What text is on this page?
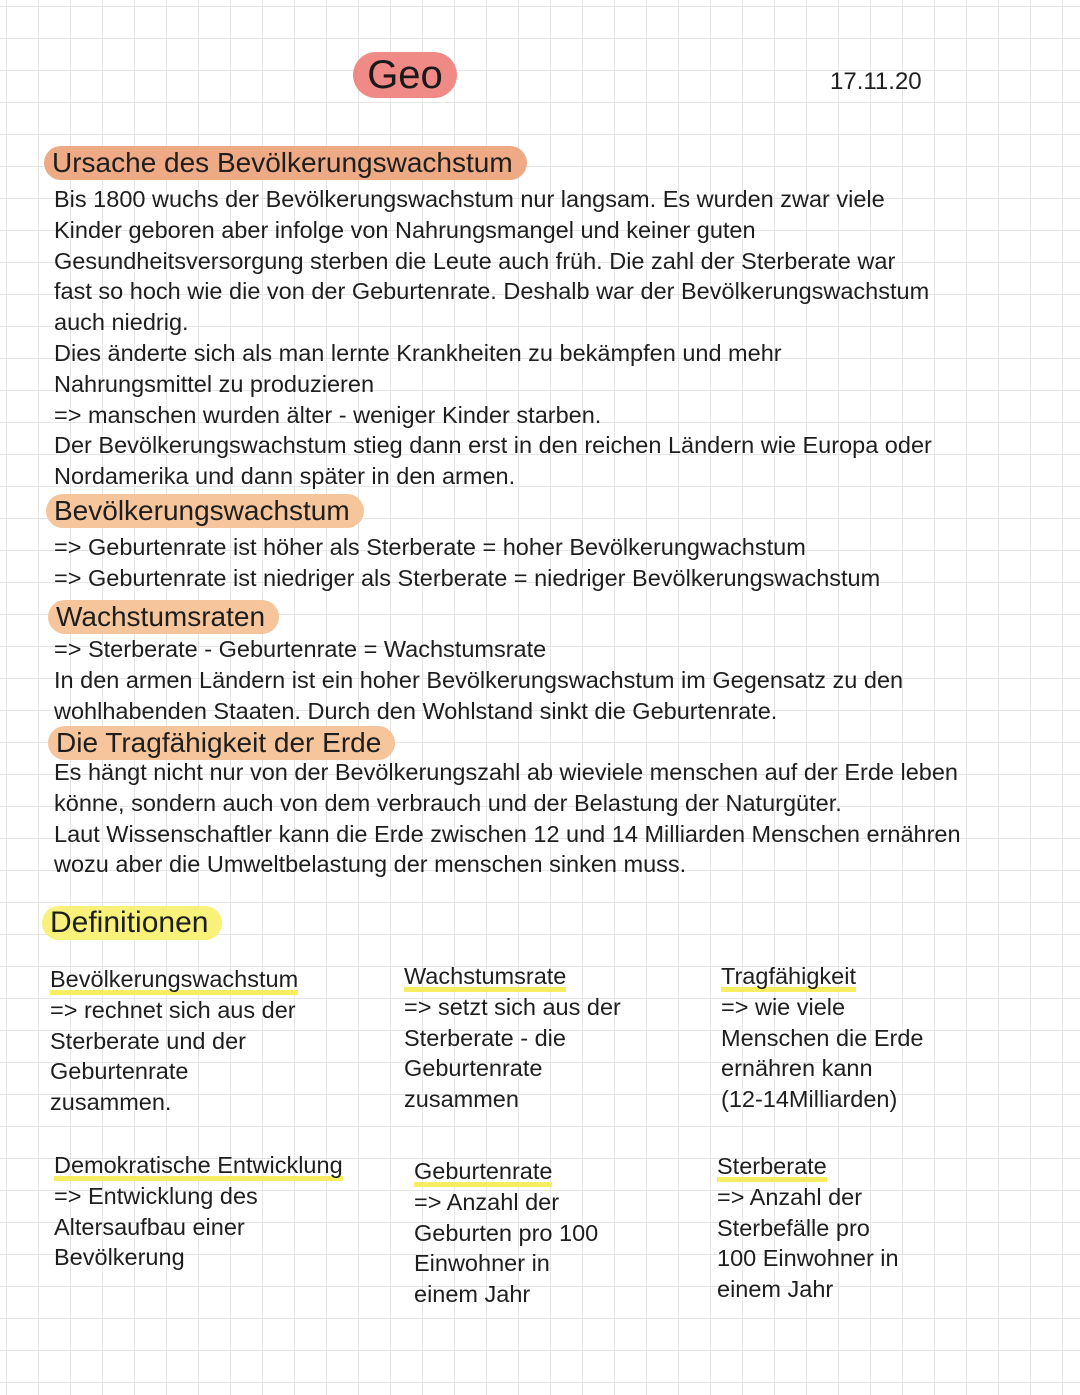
Geo	17.11.20
Ursache des Bevölkerungswachstum
Bis 1800 wuchs der Bevölkerungswachstum nur langsam. Es wurden zwar viele
Kinder geboren aber infolge von Nahrungsmangel und keiner guten
Gesundheitsversorgung sterben die Leute auch früh. Die zahl der Sterberate war
fast so hoch wie die von der Geburtenrate. Deshalb war der Bevölkerungswachstum
auch niedrig.
Dies änderte sich als man lernte Krankheiten zu bekämpfen und mehr
Nahrungsmittel zu produzieren
=> manschen wurden älter - weniger Kinder starben.
Der Bevölkerungswachstum stieg dann erst in den reichen Ländern wie Europa oder
Nordamerika und dann später in den armen.
Bevölkerungswachstum
=> Geburtenrate ist höher als Sterberate = hoher Bevölkerungwachstum
=> Geburtenrate ist niedriger als Sterberate = niedriger Bevölkerungswachstum
Wachstumsraten
=> Sterberate - Geburtenrate = Wachstumsrate
In den armen Ländern ist ein hoher Bevölkerungswachstum im Gegensatz zu den
wohlhabenden Staaten. Durch den Wohlstand sinkt die Geburtenrate.
Die Tragfähigkeit der Erde
Es hängt nicht nur von der Bevölkerungszahl ab wieviele menschen auf der Erde leben
könne, sondern auch von dem verbrauch und der Belastung der Naturgüter.
Laut Wissenschaftler kann die Erde zwischen 12 und 14 Milliarden Menschen ernähren
wozu aber die Umweltbelastung der menschen sinken muss.
Definitionen
Bevölkerungswachstum
=> rechnet sich aus der
Sterberate und der
Geburtenrate
zusammen.
Wachstumsrate
=> setzt sich aus der
Sterberate - die
Geburtenrate
zusammen
Tragfähigkeit
=> wie viele
Menschen die Erde
ernähren kann
(12-14Milliarden)
Demokratische Entwicklung
=> Entwicklung des
Altersaufbau einer
Bevölkerung
Geburtenrate
=> Anzahl der
Geburten pro 100
Einwohner in
einem Jahr
Sterberate
=> Anzahl der
Sterbefälle pro
100 Einwohner in
einem Jahr
